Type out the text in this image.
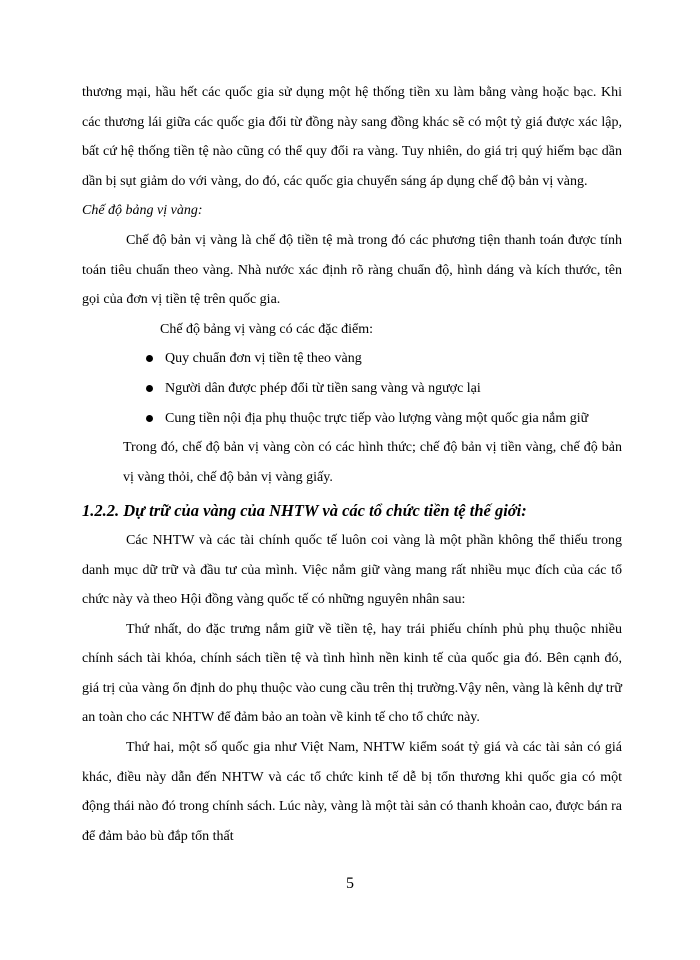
thương mại, hầu hết các quốc gia sử dụng một hệ thống tiền xu làm bằng vàng hoặc bạc. Khi các thương lái giữa các quốc gia đổi từ đồng này sang đồng khác sẽ có một tỷ giá được xác lập, bất cứ hệ thống tiền tệ nào cũng có thể quy đổi ra vàng. Tuy nhiên, do giá trị quý hiếm bạc dần dần bị sụt giảm do với vàng, do đó, các quốc gia chuyển sáng áp dụng chế độ bản vị vàng.

Chế độ bảng vị vàng:

Chế độ bản vị vàng là chế độ tiền tệ mà trong đó các phương tiện thanh toán được tính toán tiêu chuẩn theo vàng. Nhà nước xác định rõ ràng chuẩn độ, hình dáng và kích thước, tên gọi của đơn vị tiền tệ trên quốc gia.

Chế độ bảng vị vàng có các đặc điểm:

Quy chuẩn đơn vị tiền tệ theo vàng
Người dân được phép đổi từ tiền sang vàng và ngược lại
Cung tiền nội địa phụ thuộc trực tiếp vào lượng vàng một quốc gia nắm giữ

Trong đó, chế độ bản vị vàng còn có các hình thức; chế độ bản vị tiền vàng, chế độ bản vị vàng thỏi, chế độ bản vị vàng giấy.

1.2.2. Dự trữ của vàng của NHTW và các tổ chức tiền tệ thế giới:

Các NHTW và các tài chính quốc tế luôn coi vàng là một phần không thể thiếu trong danh mục dữ trữ và đầu tư của mình. Việc nắm giữ vàng mang rất nhiều mục đích của các tổ chức này và theo Hội đồng vàng quốc tế có những nguyên nhân sau:

Thứ nhất, do đặc trưng nắm giữ về tiền tệ, hay trái phiếu chính phủ phụ thuộc nhiều chính sách tài khóa, chính sách tiền tệ và tình hình nền kinh tế của quốc gia đó. Bên cạnh đó, giá trị của vàng ổn định do phụ thuộc vào cung cầu trên thị trường.Vậy nên, vàng là kênh dự trữ an toàn cho các NHTW để đảm bảo an toàn về kinh tế cho tổ chức này.

Thứ hai, một số quốc gia như Việt Nam, NHTW kiểm soát tỷ giá và các tài sản có giá khác, điều này dẫn đến NHTW và các tổ chức kinh tế dễ bị tổn thương khi quốc gia có một động thái nào đó trong chính sách. Lúc này, vàng là một tài sản có thanh khoản cao, được bán ra để đảm bảo bù đắp tổn thất

5
